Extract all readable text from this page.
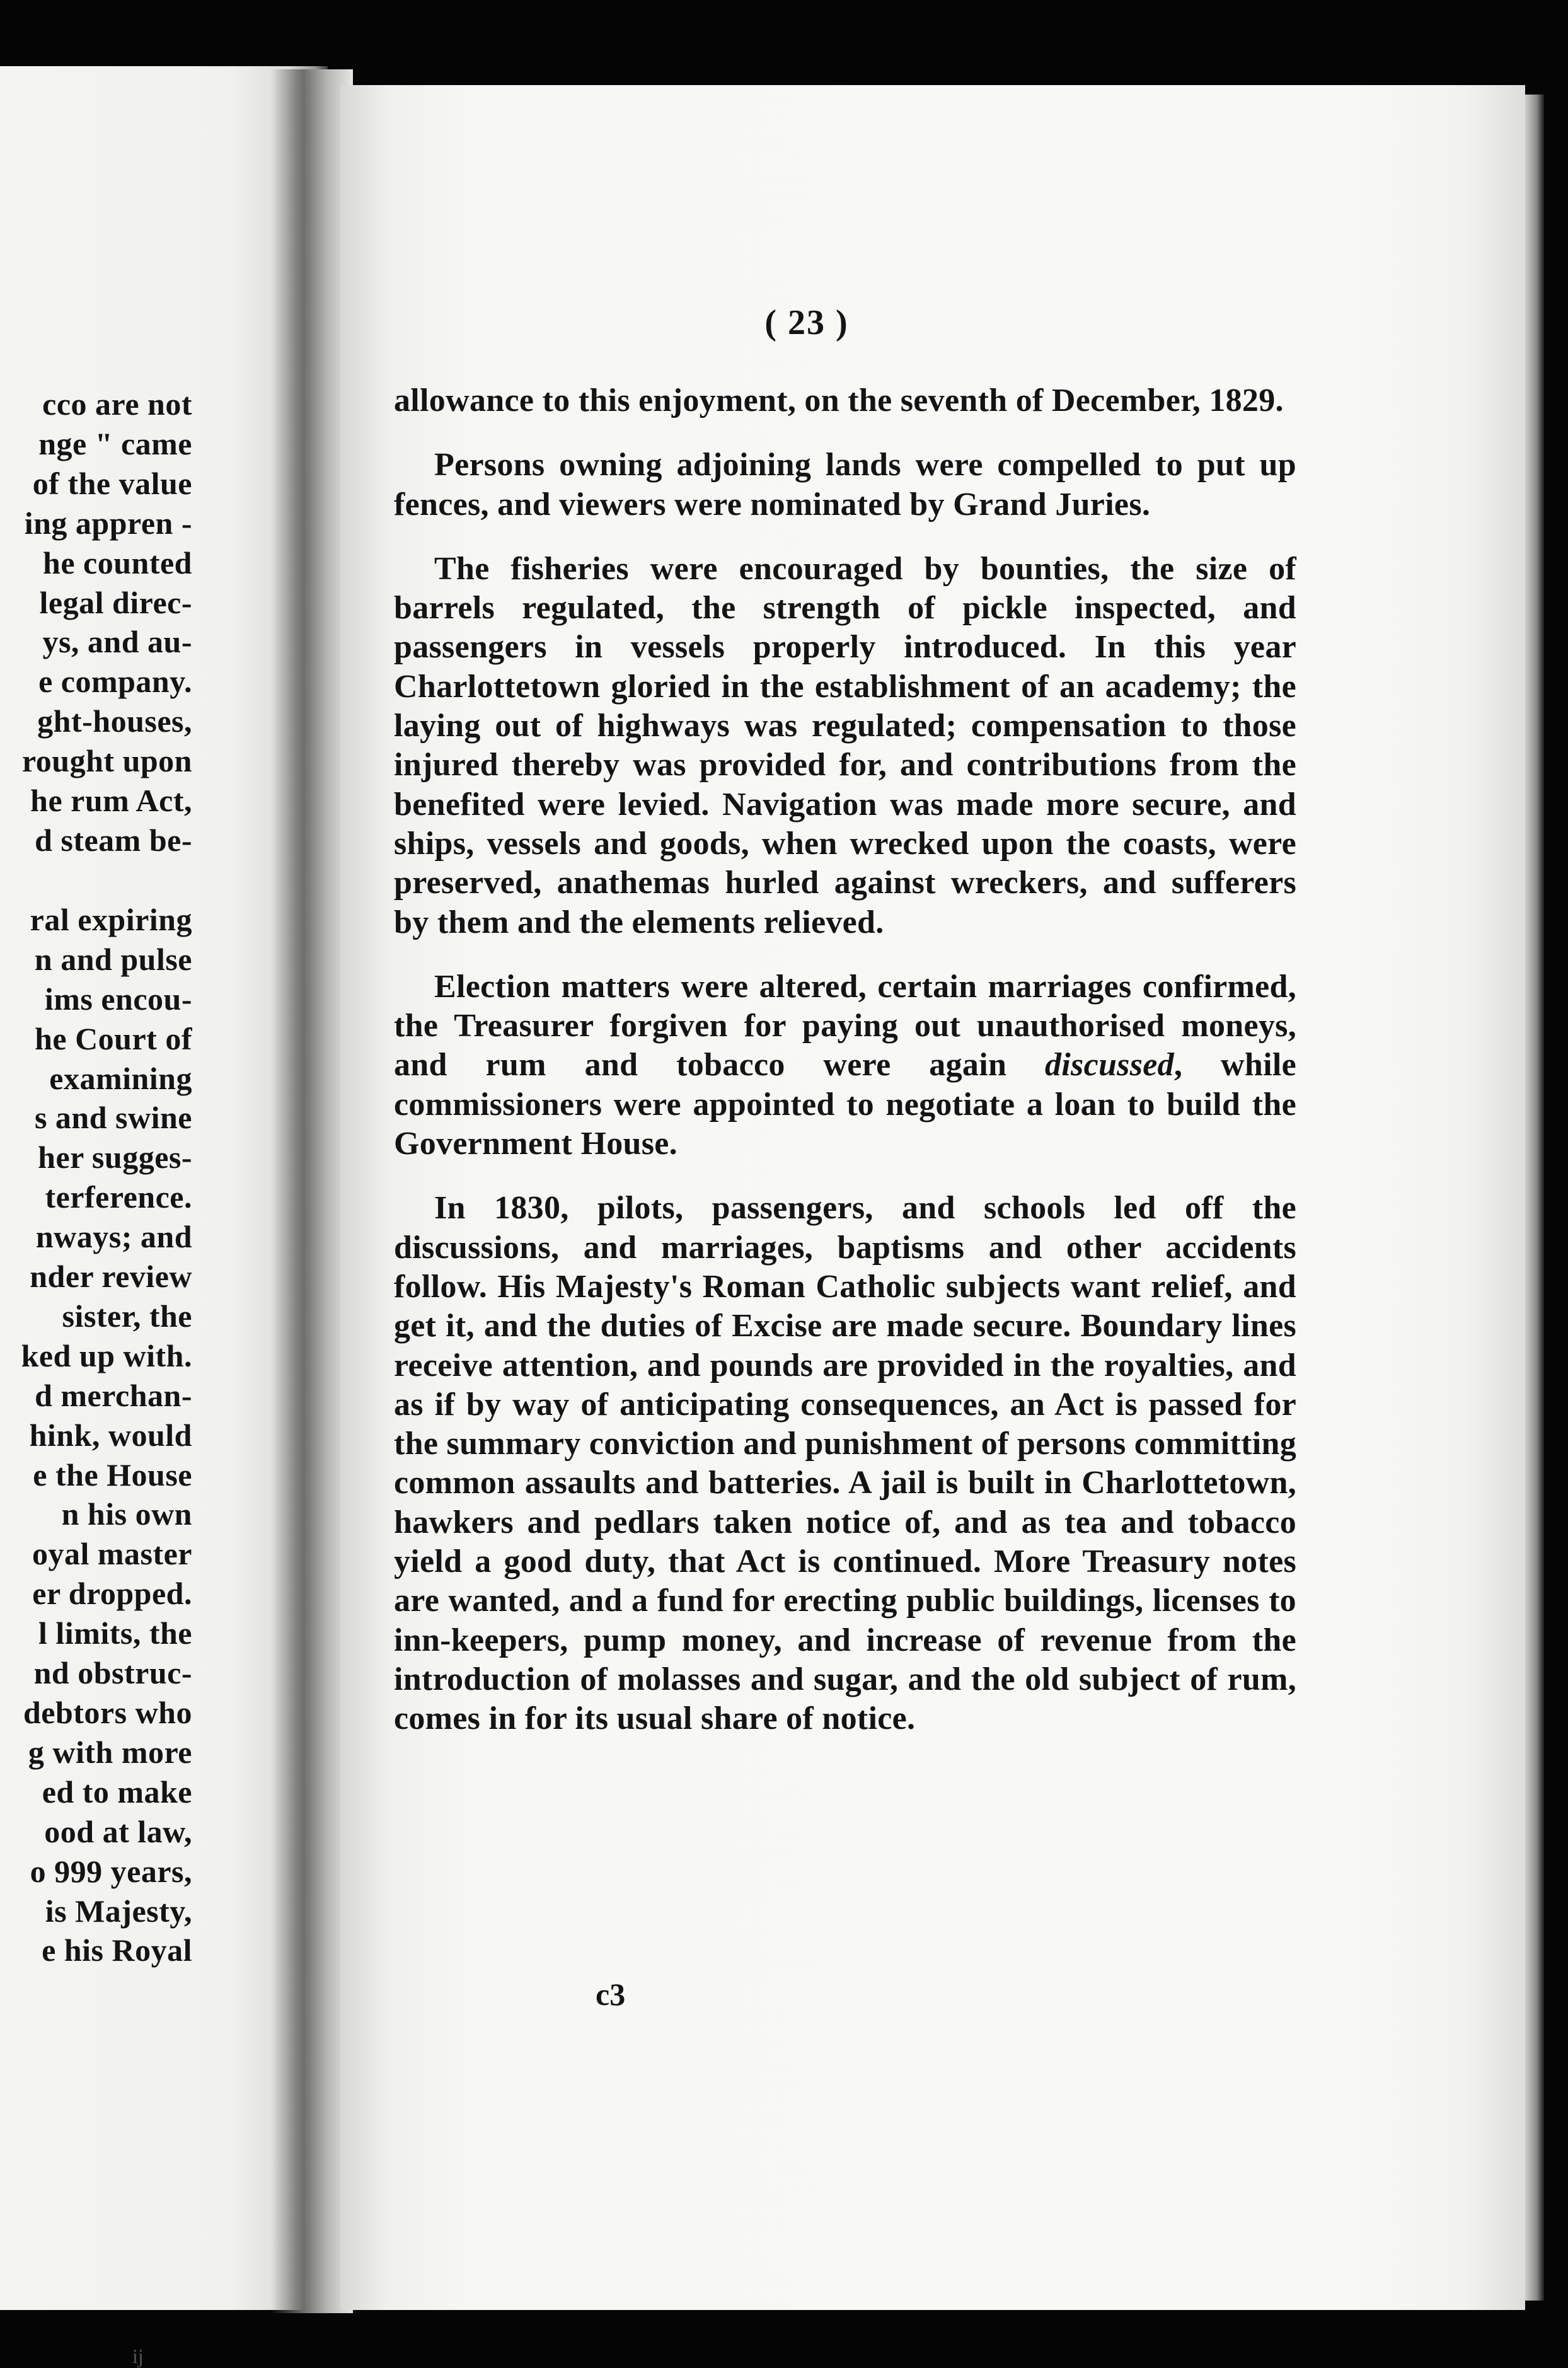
cco are not
nge " came
of the value
ing appren -
he counted
legal direc-
ys, and au-
e company.
ght-houses,
rought upon
he rum Act,
d steam be-

ral expiring
n and pulse
ims encou-
he Court of
examining
s and swine
her sugges-
terference.
nways; and
nder review
sister, the
ked up with.
d merchan-
hink, would
e the House
n his own
oyal master
er dropped.
l limits, the
nd obstruc-
debtors who
g with more
ed to make
ood at law,
o 999 years,
is Majesty,
e his Royal
ij
( 23 )

allowance to this enjoyment, on the seventh of December, 1829.

Persons owning adjoining lands were compelled to put up fences, and viewers were nominated by Grand Juries.

The fisheries were encouraged by bounties, the size of barrels regulated, the strength of pickle inspected, and passengers in vessels properly introduced. In this year Charlottetown gloried in the establishment of an academy; the laying out of highways was regulated; compensation to those injured thereby was provided for, and contributions from the benefited were levied. Navigation was made more secure, and ships, vessels and goods, when wrecked upon the coasts, were preserved, anathemas hurled against wreckers, and sufferers by them and the elements relieved.

Election matters were altered, certain marriages confirmed, the Treasurer forgiven for paying out unauthorised moneys, and rum and tobacco were again discussed, while commissioners were appointed to negotiate a loan to build the Government House.

In 1830, pilots, passengers, and schools led off the discussions, and marriages, baptisms and other accidents follow. His Majesty's Roman Catholic subjects want relief, and get it, and the duties of Excise are made secure. Boundary lines receive attention, and pounds are provided in the royalties, and as if by way of anticipating consequences, an Act is passed for the summary conviction and punishment of persons committing common assaults and batteries. A jail is built in Charlottetown, hawkers and pedlars taken notice of, and as tea and tobacco yield a good duty, that Act is continued. More Treasury notes are wanted, and a fund for erecting public buildings, licenses to inn-keepers, pump money, and increase of revenue from the introduction of molasses and sugar, and the old subject of rum, comes in for its usual share of notice.

c3
